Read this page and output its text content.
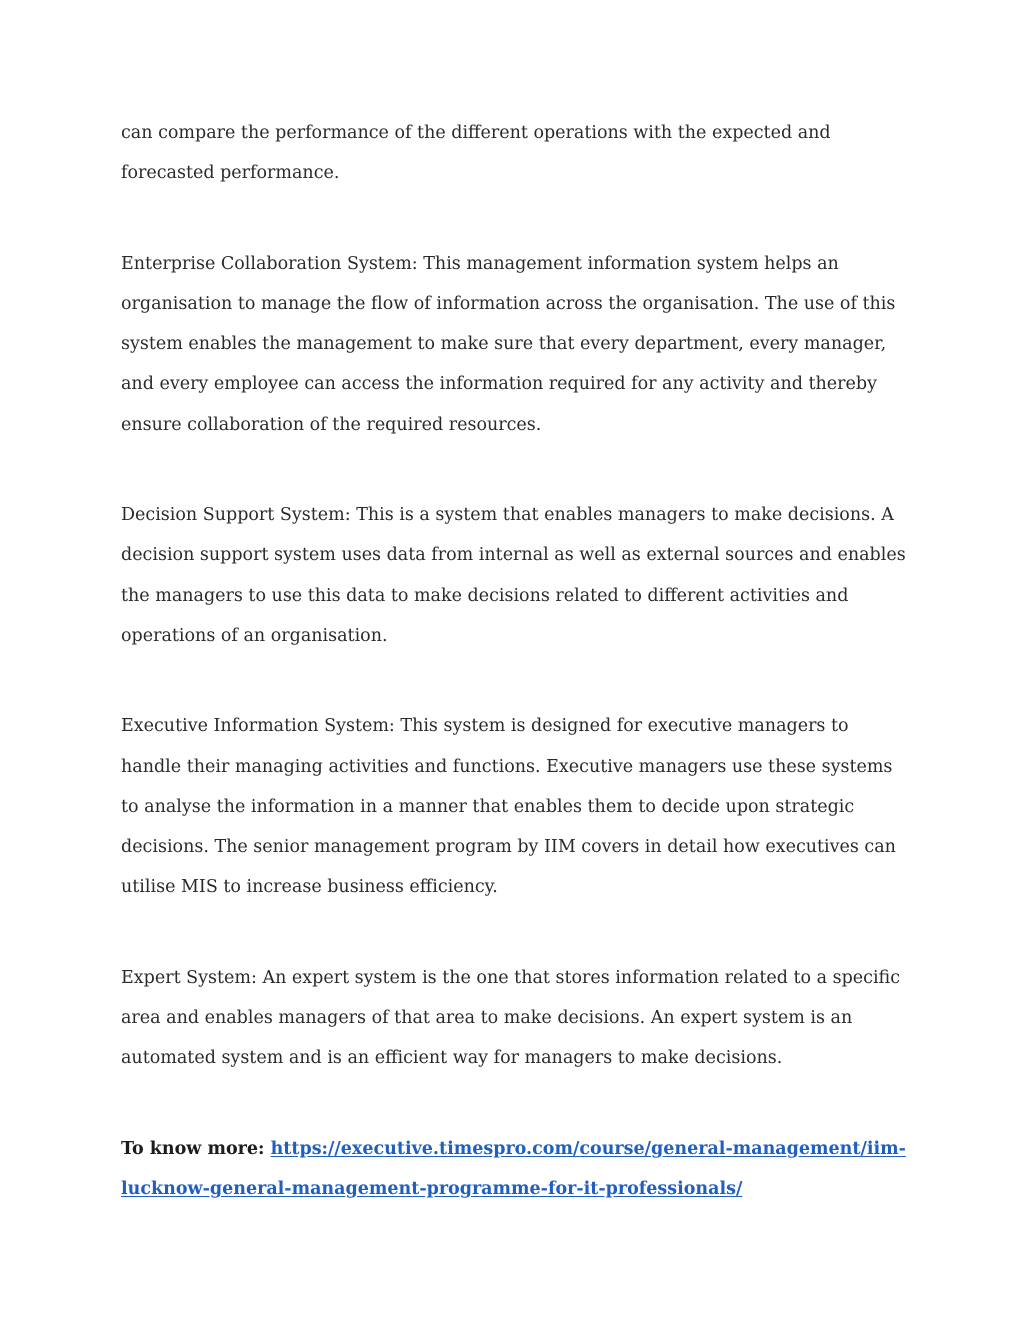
can compare the performance of the different operations with the expected and forecasted performance.

Enterprise Collaboration System: This management information system helps an organisation to manage the flow of information across the organisation. The use of this system enables the management to make sure that every department, every manager, and every employee can access the information required for any activity and thereby ensure collaboration of the required resources.

Decision Support System: This is a system that enables managers to make decisions. A decision support system uses data from internal as well as external sources and enables the managers to use this data to make decisions related to different activities and operations of an organisation.

Executive Information System: This system is designed for executive managers to handle their managing activities and functions. Executive managers use these systems to analyse the information in a manner that enables them to decide upon strategic decisions. The senior management program by IIM covers in detail how executives can utilise MIS to increase business efficiency.

Expert System: An expert system is the one that stores information related to a specific area and enables managers of that area to make decisions. An expert system is an automated system and is an efficient way for managers to make decisions.

To know more: https://executive.timespro.com/course/general-management/iim-lucknow-general-management-programme-for-it-professionals/
